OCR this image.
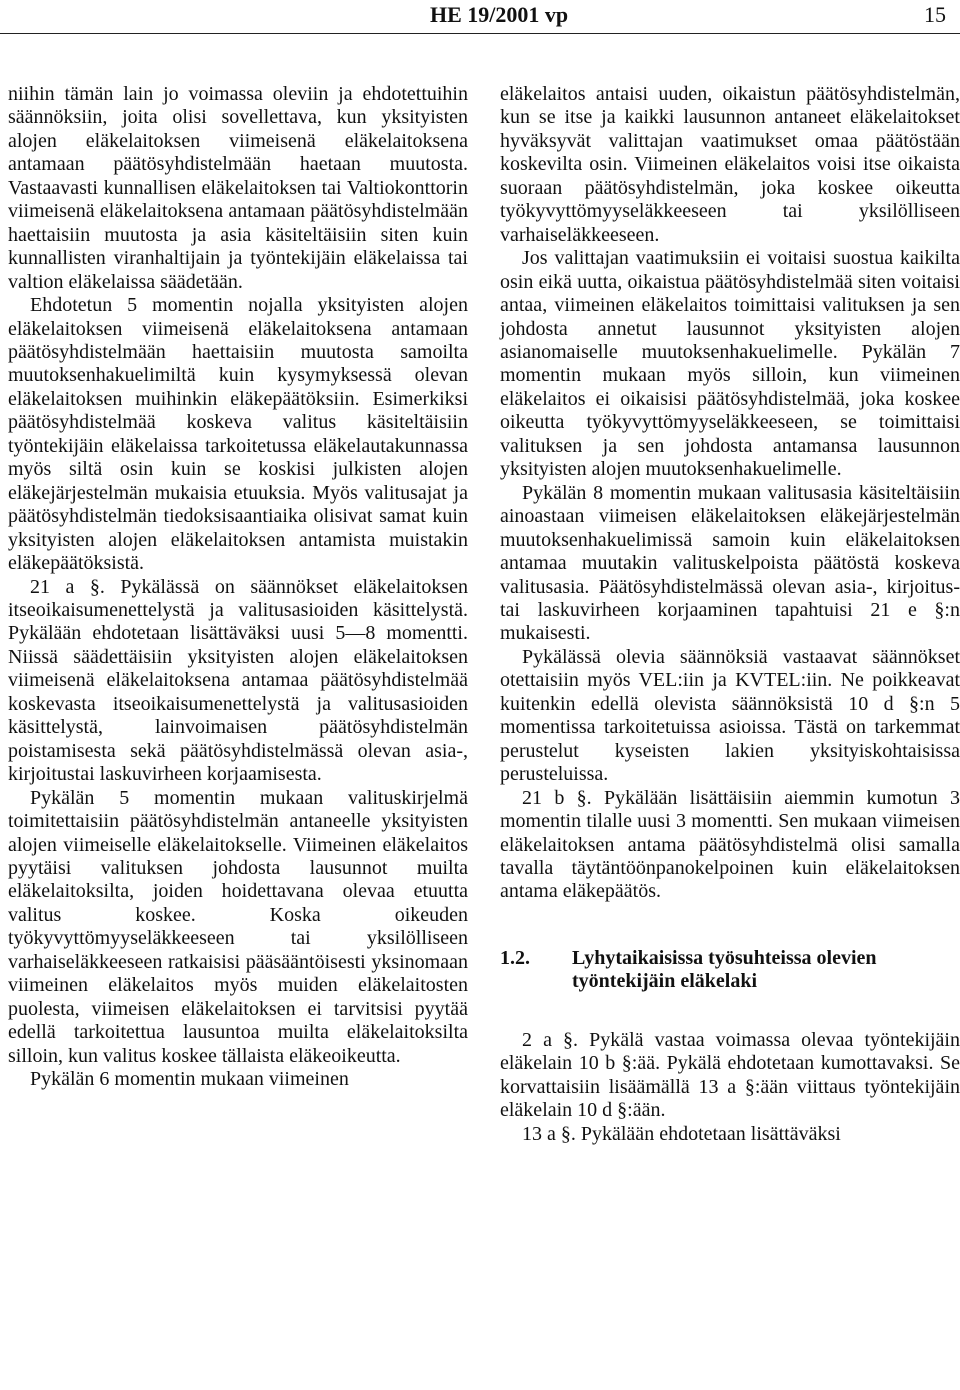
HE 19/2001 vp	15

niihin tämän lain jo voimassa oleviin ja ehdotettuihin säännöksiin, joita olisi sovellettava, kun yksityisten alojen eläkelaitoksen viimeisenä eläkelaitoksena antamaan päätösyhdistelmään haetaan muutosta. Vastaavasti kunnallisen eläkelaitoksen tai Valtiokonttorin viimeisenä eläkelaitoksena antamaan päätösyhdistelmään haettaisiin muutosta ja asia käsiteltäisiin siten kuin kunnallisten viranhaltijain ja työntekijäin eläkelaissa tai valtion eläkelaissa säädetään.

Ehdotetun 5 momentin nojalla yksityisten alojen eläkelaitoksen viimeisenä eläkelaitoksena antamaan päätösyhdistelmään haettaisiin muutosta samoilta muutoksenhakuelimiltä kuin kysymyksessä olevan eläkelaitoksen muihinkin eläkepäätöksiin. Esimerkiksi päätösyhdistelmää koskeva valitus käsiteltäisiin työntekijäin eläkelaissa tarkoitetussa eläkelautakunnassa myös siltä osin kuin se koskisi julkisten alojen eläkejärjestelmän mukaisia etuuksia. Myös valitusajat ja päätösyhdistelmän tiedoksisaantiaika olisivat samat kuin yksityisten alojen eläkelaitoksen antamista muistakin eläkepäätöksistä.

21 a §. Pykälässä on säännökset eläkelaitoksen itseoikaisumenettelystä ja valitusasioiden käsittelystä. Pykälään ehdotetaan lisättäväksi uusi 5—8 momentti. Niissä säädettäisiin yksityisten alojen eläkelaitoksen viimeisenä eläkelaitoksena antamaa päätösyhdistelmää koskevasta itseoikaisumenettelystä ja valitusasioiden käsittelystä, lainvoimaisen päätösyhdistelmän poistamisesta sekä päätösyhdistelmässä olevan asia-, kirjoitustai laskuvirheen korjaamisesta.

Pykälän 5 momentin mukaan valituskirjelmä toimitettaisiin päätösyhdistelmän antaneelle yksityisten alojen viimeiselle eläkelaitokselle. Viimeinen eläkelaitos pyytäisi valituksen johdosta lausunnot muilta eläkelaitoksilta, joiden hoidettavana olevaa etuutta valitus koskee. Koska oikeuden työkyvyttömyyseläkkeeseen tai yksilölliseen varhaiseläkkeeseen ratkaisisi pääsääntöisesti yksinomaan viimeinen eläkelaitos myös muiden eläkelaitosten puolesta, viimeisen eläkelaitoksen ei tarvitsisi pyytää edellä tarkoitettua lausuntoa muilta eläkelaitoksilta silloin, kun valitus koskee tällaista eläkeoikeutta.

Pykälän 6 momentin mukaan viimeinen

eläkelaitos antaisi uuden, oikaistun päätösyhdistelmän, kun se itse ja kaikki lausunnon antaneet eläkelaitokset hyväksyvät valittajan vaatimukset omaa päätöstään koskevilta osin. Viimeinen eläkelaitos voisi itse oikaista suoraan päätösyhdistelmän, joka koskee oikeutta työkyvyttömyyseläkkeeseen tai yksilölliseen varhaiseläkkeeseen.

Jos valittajan vaatimuksiin ei voitaisi suostua kaikilta osin eikä uutta, oikaistua päätösyhdistelmää siten voitaisi antaa, viimeinen eläkelaitos toimittaisi valituksen ja sen johdosta annetut lausunnot yksityisten alojen asianomaiselle muutoksenhakuelimelle. Pykälän 7 momentin mukaan myös silloin, kun viimeinen eläkelaitos ei oikaisisi päätösyhdistelmää, joka koskee oikeutta työkyvyttömyyseläkkeeseen, se toimittaisi valituksen ja sen johdosta antamansa lausunnon yksityisten alojen muutoksenhakuelimelle.

Pykälän 8 momentin mukaan valitusasia käsiteltäisiin ainoastaan viimeisen eläkelaitoksen eläkejärjestelmän muutoksenhakuelimissä samoin kuin eläkelaitoksen antamaa muutakin valituskelpoista päätöstä koskeva valitusasia. Päätösyhdistelmässä olevan asia-, kirjoitus- tai laskuvirheen korjaaminen tapahtuisi 21 e §:n mukaisesti.

Pykälässä olevia säännöksiä vastaavat säännökset otettaisiin myös VEL:iin ja KVTEL:iin. Ne poikkeavat kuitenkin edellä olevista säännöksistä 10 d §:n 5 momentissa tarkoitetuissa asioissa. Tästä on tarkemmat perustelut kyseisten lakien yksityiskohtaisissa perusteluissa.

21 b §. Pykälään lisättäisiin aiemmin kumotun 3 momentin tilalle uusi 3 momentti. Sen mukaan viimeisen eläkelaitoksen antama päätösyhdistelmä olisi samalla tavalla täytäntöönpanokelpoinen kuin eläkelaitoksen antama eläkepäätös.

1.2.	Lyhytaikaisissa työsuhteissa olevien työntekijäin eläkelaki

2 a §. Pykälä vastaa voimassa olevaa työntekijäin eläkelain 10 b §:ää. Pykälä ehdotetaan kumottavaksi. Se korvattaisiin lisäämällä 13 a §:ään viittaus työntekijäin eläkelain 10 d §:ään.

13 a §. Pykälään ehdotetaan lisättäväksi
